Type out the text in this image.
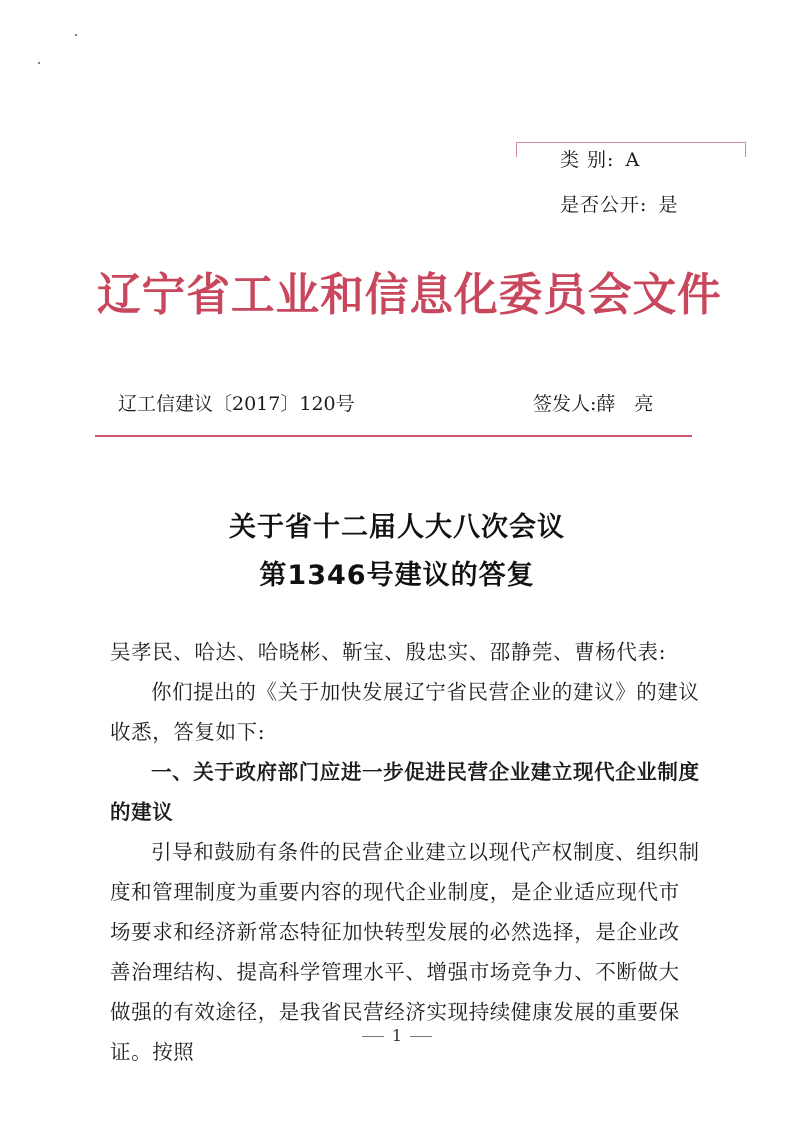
类 别: A
是否公开: 是
辽宁省工业和信息化委员会文件
辽工信建议〔2017〕120号	签发人:薛　亮
关于省十二届人大八次会议
第1346号建议的答复
吴孝民、哈达、哈晓彬、靳宝、殷忠实、邵静莞、曹杨代表:
你们提出的《关于加快发展辽宁省民营企业的建议》的建议收悉，答复如下:
一、关于政府部门应进一步促进民营企业建立现代企业制度的建议
引导和鼓励有条件的民营企业建立以现代产权制度、组织制度和管理制度为重要内容的现代企业制度，是企业适应现代市场要求和经济新常态特征加快转型发展的必然选择，是企业改善治理结构、提高科学管理水平、增强市场竞争力、不断做大做强的有效途径，是我省民营经济实现持续健康发展的重要保证。按照
1
